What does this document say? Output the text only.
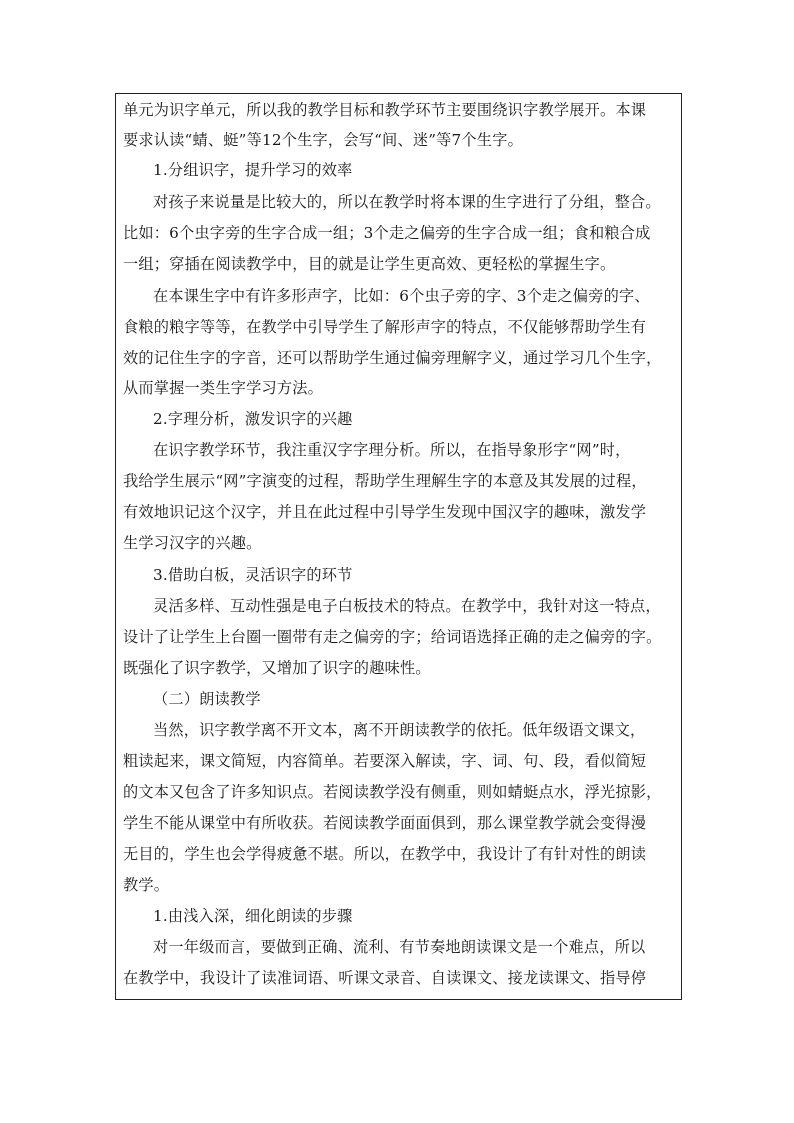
单元为识字单元，所以我的教学目标和教学环节主要围绕识字教学展开。本课
要求认读“蜻、蜓”等12个生字，会写“间、迷”等7个生字。
1.分组识字，提升学习的效率
对孩子来说量是比较大的，所以在教学时将本课的生字进行了分组，整合。
比如：6个虫字旁的生字合成一组；3个走之偏旁的生字合成一组；食和粮合成
一组；穿插在阅读教学中，目的就是让学生更高效、更轻松的掌握生字。
在本课生字中有许多形声字，比如：6个虫子旁的字、3个走之偏旁的字、
食粮的粮字等等，在教学中引导学生了解形声字的特点，不仅能够帮助学生有
效的记住生字的字音，还可以帮助学生通过偏旁理解字义，通过学习几个生字，
从而掌握一类生字学习方法。
2.字理分析，激发识字的兴趣
在识字教学环节，我注重汉字字理分析。所以，在指导象形字“网”时，
我给学生展示“网”字演变的过程，帮助学生理解生字的本意及其发展的过程，
有效地识记这个汉字，并且在此过程中引导学生发现中国汉字的趣味，激发学
生学习汉字的兴趣。
3.借助白板，灵活识字的环节
灵活多样、互动性强是电子白板技术的特点。在教学中，我针对这一特点，
设计了让学生上台圈一圈带有走之偏旁的字；给词语选择正确的走之偏旁的字。
既强化了识字教学，又增加了识字的趣味性。
（二）朗读教学
当然，识字教学离不开文本，离不开朗读教学的依托。低年级语文课文，
粗读起来，课文简短，内容简单。若要深入解读，字、词、句、段，看似简短
的文本又包含了许多知识点。若阅读教学没有侧重，则如蜻蜓点水，浮光掠影，
学生不能从课堂中有所收获。若阅读教学面面俱到，那么课堂教学就会变得漫
无目的，学生也会学得疲惫不堪。所以，在教学中，我设计了有针对性的朗读
教学。
1.由浅入深，细化朗读的步骤
对一年级而言，要做到正确、流利、有节奏地朗读课文是一个难点，所以
在教学中，我设计了读准词语、听课文录音、自读课文、接龙读课文、指导停
